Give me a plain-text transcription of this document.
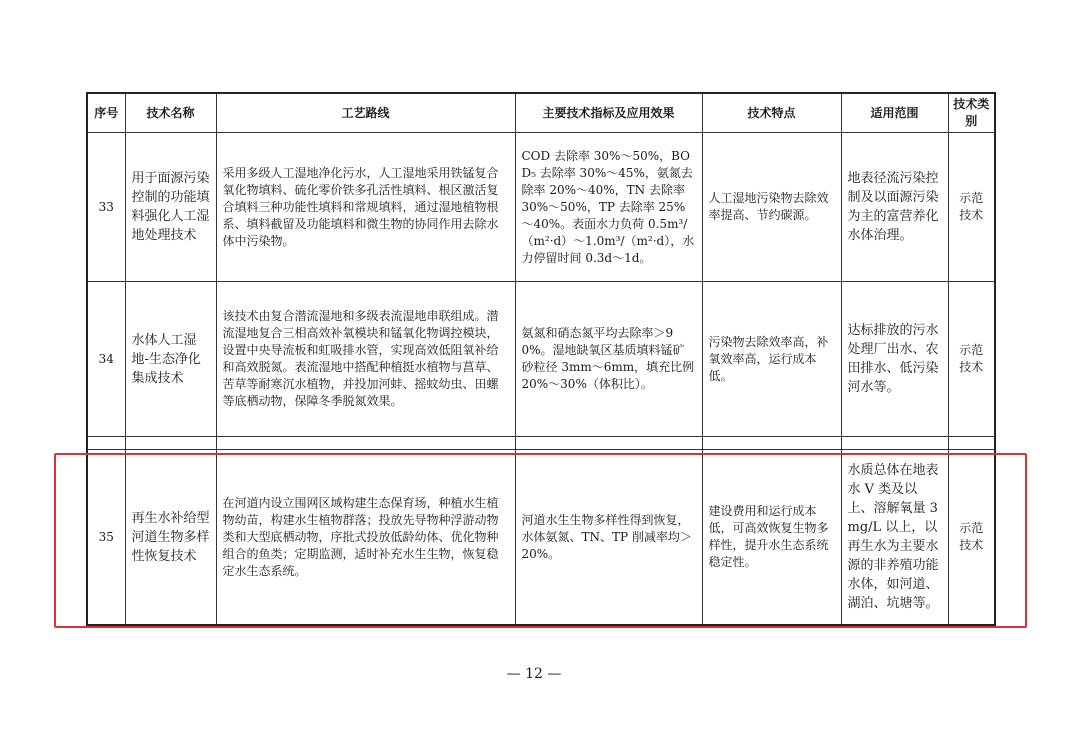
序号	技术名称	工艺路线	主要技术指标及应用效果	技术特点	适用范围	技术类别
33	用于面源污染控制的功能填料强化人工湿地处理技术	采用多级人工湿地净化污水，人工湿地采用铁锰复合氧化物填料、硫化零价铁多孔活性填料、根区激活复合填料三种功能性填料和常规填料，通过湿地植物根系、填料截留及功能填料和微生物的协同作用去除水体中污染物。	COD 去除率 30%～50%，BOD₅ 去除率 30%～45%，氨氮去除率 20%～40%，TN 去除率 30%～50%，TP 去除率 25%～40%。表面水力负荷 0.5m³/（m²·d）～1.0m³/（m²·d），水力停留时间 0.3d～1d。	人工湿地污染物去除效率提高、节约碳源。	地表径流污染控制及以面源污染为主的富营养化水体治理。	示范技术
34	水体人工湿地-生态净化集成技术	该技术由复合潜流湿地和多级表流湿地串联组成。潜流湿地复合三相高效补氧模块和锰氧化物调控模块，设置中央导流板和虹吸排水管，实现高效低阻氧补给和高效脱氮。表流湿地中搭配种植挺水植物与菖草、苦草等耐寒沉水植物，并投加河蚌、摇蚊幼虫、田螺等底栖动物，保障冬季脱氮效果。	氨氮和硝态氮平均去除率＞90%。湿地缺氧区基质填料锰矿砂粒径 3mm～6mm，填充比例 20%～30%（体积比）。	污染物去除效率高，补氧效率高，运行成本低。	达标排放的污水处理厂出水、农田排水、低污染河水等。	示范技术

35	再生水补给型河道生物多样性恢复技术	在河道内设立围网区域构建生态保育场，种植水生植物幼苗，构建水生植物群落；投放先导物种浮游动物类和大型底栖动物，序批式投放低龄幼体、优化物种组合的鱼类；定期监测，适时补充水生生物，恢复稳定水生态系统。	河道水生生物多样性得到恢复，水体氨氮、TN、TP 削减率均＞20%。	建设费用和运行成本低，可高效恢复生物多样性，提升水生态系统稳定性。	水质总体在地表水 V 类及以上、溶解氧量 3mg/L 以上，以再生水为主要水源的非养殖功能水体，如河道、湖泊、坑塘等。	示范技术
— 12 —
